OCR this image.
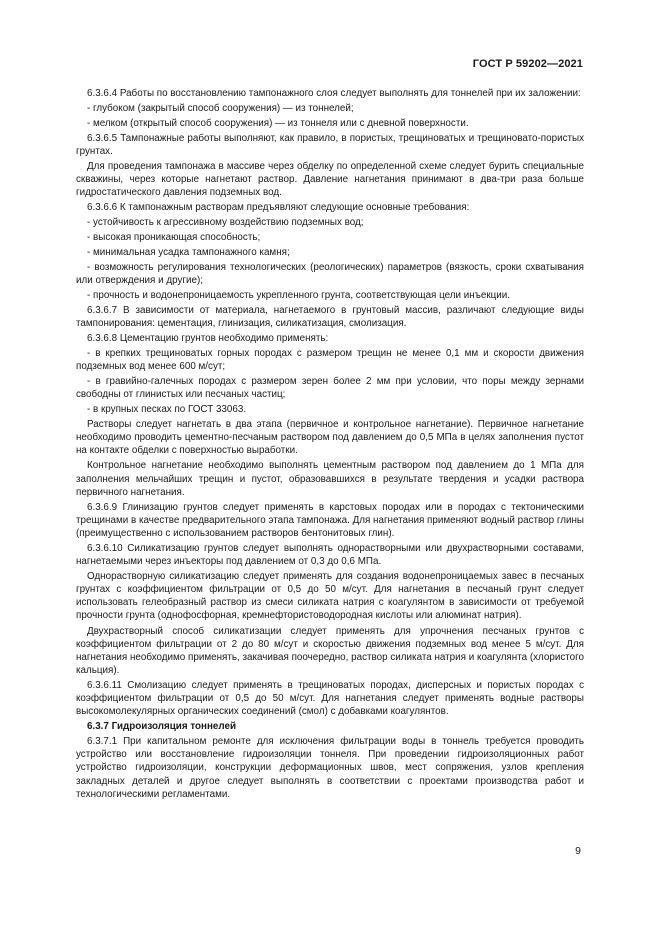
ГОСТ Р 59202—2021
6.3.6.4 Работы по восстановлению тампонажного слоя следует выполнять для тоннелей при их заложении:
- глубоком (закрытый способ сооружения) — из тоннелей;
- мелком (открытый способ сооружения) — из тоннеля или с дневной поверхности.
6.3.6.5 Тампонажные работы выполняют, как правило, в пористых, трещиноватых и трещиновато-пористых грунтах.
Для проведения тампонажа в массиве через обделку по определенной схеме следует бурить специальные скважины, через которые нагнетают раствор. Давление нагнетания принимают в два-три раза больше гидростатического давления подземных вод.
6.3.6.6 К тампонажным растворам предъявляют следующие основные требования:
- устойчивость к агрессивному воздействию подземных вод;
- высокая проникающая способность;
- минимальная усадка тампонажного камня;
- возможность регулирования технологических (реологических) параметров (вязкость, сроки схватывания или отверждения и другие);
- прочность и водонепроницаемость укрепленного грунта, соответствующая цели инъекции.
6.3.6.7 В зависимости от материала, нагнетаемого в грунтовый массив, различают следующие виды тампонирования: цементация, глинизация, силикатизация, смолизация.
6.3.6.8 Цементацию грунтов необходимо применять:
- в крепких трещиноватых горных породах с размером трещин не менее 0,1 мм и скорости движения подземных вод менее 600 м/сут;
- в гравийно-галечных породах с размером зерен более 2 мм при условии, что поры между зернами свободны от глинистых или песчаных частиц;
- в крупных песках по ГОСТ 33063.
Растворы следует нагнетать в два этапа (первичное и контрольное нагнетание). Первичное нагнетание необходимо проводить цементно-песчаным раствором под давлением до 0,5 МПа в целях заполнения пустот на контакте обделки с поверхностью выработки.
Контрольное нагнетание необходимо выполнять цементным раствором под давлением до 1 МПа для заполнения мельчайших трещин и пустот, образовавшихся в результате твердения и усадки раствора первичного нагнетания.
6.3.6.9 Глинизацию грунтов следует применять в карстовых породах или в породах с тектоническими трещинами в качестве предварительного этапа тампонажа. Для нагнетания применяют водный раствор глины (преимущественно с использованием растворов бентонитовых глин).
6.3.6.10 Силикатизацию грунтов следует выполнять однорастворными или двухрастворными составами, нагнетаемыми через инъекторы под давлением от 0,3 до 0,6 МПа.
Однорастворную силикатизацию следует применять для создания водонепроницаемых завес в песчаных грунтах с коэффициентом фильтрации от 0,5 до 50 м/сут. Для нагнетания в песчаный грунт следует использовать гелеобразный раствор из смеси силиката натрия с коагулянтом в зависимости от требуемой прочности грунта (однофосфорная, кремнефтористоводородная кислоты или алюминат натрия).
Двухрастворный способ силикатизации следует применять для упрочнения песчаных грунтов с коэффициентом фильтрации от 2 до 80 м/сут и скоростью движения подземных вод менее 5 м/сут. Для нагнетания необходимо применять, закачивая поочередно, раствор силиката натрия и коагулянта (хлористого кальция).
6.3.6.11 Смолизацию следует применять в трещиноватых породах, дисперсных и пористых породах с коэффициентом фильтрации от 0,5 до 50 м/сут. Для нагнетания следует применять водные растворы высокомолекулярных органических соединений (смол) с добавками коагулянтов.
6.3.7 Гидроизоляция тоннелей
6.3.7.1 При капитальном ремонте для исключения фильтрации воды в тоннель требуется проводить устройство или восстановление гидроизоляции тоннеля. При проведении гидроизоляционных работ устройство гидроизоляции, конструкции деформационных швов, мест сопряжения, узлов крепления закладных деталей и другое следует выполнять в соответствии с проектами производства работ и технологическими регламентами.
9
